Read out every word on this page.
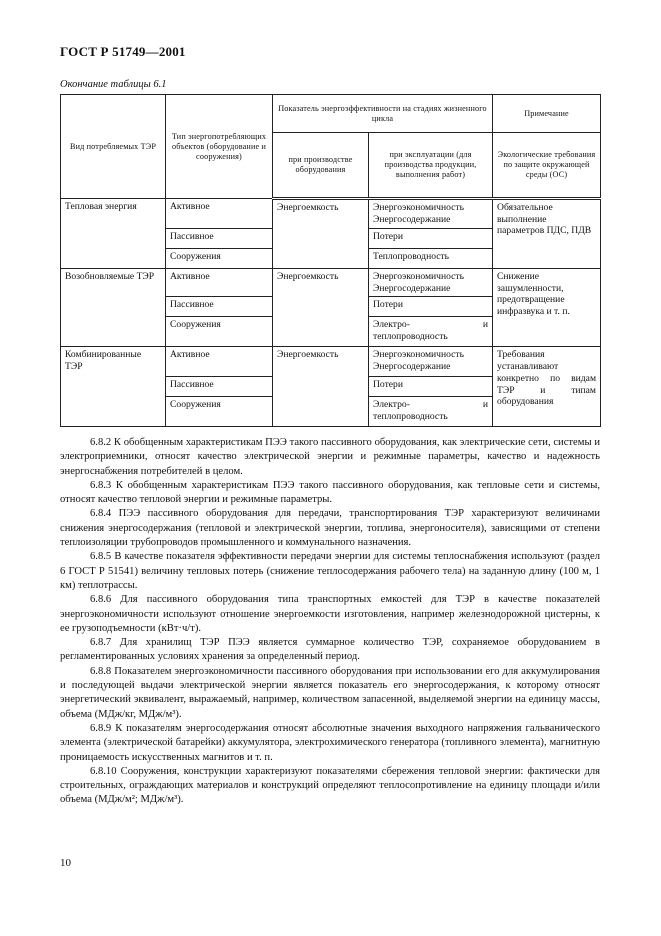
ГОСТ Р 51749—2001
Окончание таблицы 6.1
Вид потребляемых ТЭР	Тип энергопотребляющих объектов (оборудование и сооружения)	Показатель энергоэффективности на стадиях жизненного цикла		Примечание
		при производстве оборудования	при эксплуатации (для производства продукции, выполнения работ)	Экологические требования по защите окружающей среды (ОС)
Тепловая энергия	Активное	Энергоемкость	Энергоэкономичность Энергосодержание	Обязательное выполнение параметров ПДС, ПДВ
	Пассивное		Потери	
	Сооружения		Теплопроводность	
Возобновляемые ТЭР	Активное	Энергоемкость	Энергоэкономичность Энергосодержание	Снижение зашумленности, предотвращение инфразвука и т. п.
	Пассивное		Потери	
	Сооружения		Электро- и теплопроводность	
Комбинированные ТЭР	Активное	Энергоемкость	Энергоэкономичность Энергосодержание	Требования устанавливают конкретно по видам ТЭР и типам оборудования
	Пассивное		Потери	
	Сооружения		Электро- и теплопроводность	

6.8.2 К обобщенным характеристикам ПЭЭ такого пассивного оборудования, как электрические сети, системы и электроприемники, относят качество электрической энергии и режимные параметры, качество и надежность энергоснабжения потребителей в целом.

6.8.3 К обобщенным характеристикам ПЭЭ такого пассивного оборудования, как тепловые сети и системы, относят качество тепловой энергии и режимные параметры.

6.8.4 ПЭЭ пассивного оборудования для передачи, транспортирования ТЭР характеризуют величинами снижения энергосодержания (тепловой и электрической энергии, топлива, энергоносителя), зависящими от степени теплоизоляции трубопроводов промышленного и коммунального назначения.

6.8.5 В качестве показателя эффективности передачи энергии для системы теплоснабжения используют (раздел 6 ГОСТ Р 51541) величину тепловых потерь (снижение теплосодержания рабочего тела) на заданную длину (100 м, 1 км) теплотрассы.

6.8.6 Для пассивного оборудования типа транспортных емкостей для ТЭР в качестве показателей энергоэкономичности используют отношение энергоемкости изготовления, например железнодорожной цистерны, к ее грузоподъемности (кВт·ч/т).

6.8.7 Для хранилищ ТЭР ПЭЭ является суммарное количество ТЭР, сохраняемое оборудованием в регламентированных условиях хранения за определенный период.

6.8.8 Показателем энергоэкономичности пассивного оборудования при использовании его для аккумулирования и последующей выдачи электрической энергии является показатель его энергосодержания, к которому относят энергетический эквивалент, выражаемый, например, количеством запасенной, выделяемой энергии на единицу массы, объема (МДж/кг, МДж/м³).

6.8.9 К показателям энергосодержания относят абсолютные значения выходного напряжения гальванического элемента (электрической батарейки) аккумулятора, электрохимического генератора (топливного элемента), магнитную проницаемость искусственных магнитов и т. п.

6.8.10 Сооружения, конструкции характеризуют показателями сбережения тепловой энергии: фактически для строительных, ограждающих материалов и конструкций определяют теплосопротивление на единицу площади и/или объема (МДж/м²; МДж/м³).

10
